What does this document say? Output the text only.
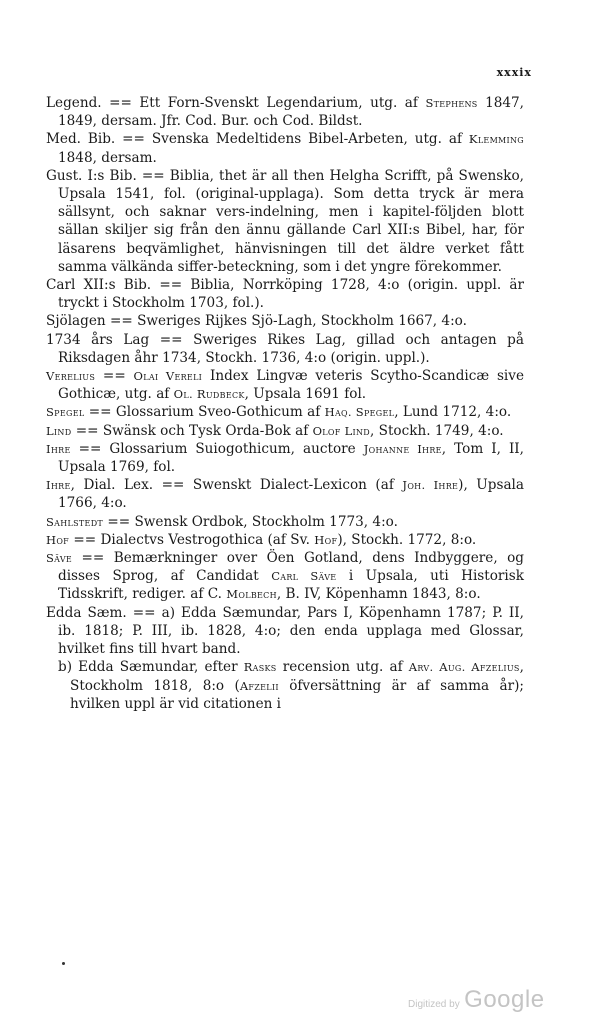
xxxix
Legend. == Ett Forn-Svenskt Legendarium, utg. af Stephens 1847, 1849, dersam. Jfr. Cod. Bur. och Cod. Bildst.
Med. Bib. == Svenska Medeltidens Bibel-Arbeten, utg. af Klemming 1848, dersam.
Gust. I:s Bib. == Biblia, thet är all then Helgha Scrifft, på Swensko, Upsala 1541, fol. (original-upplaga). Som detta tryck är mera sällsynt, och saknar vers-indelning, men i kapitel-följden blott sällan skiljer sig från den ännu gällande Carl XII:s Bibel, har, för läsarens beqvämlighet, hänvisningen till det äldre verket fått samma välkända siffer-beteckning, som i det yngre förekommer.
Carl XII:s Bib. == Biblia, Norrköping 1728, 4:o (origin. uppl. är tryckt i Stockholm 1703, fol.).
Sjölagen == Sweriges Rijkes Sjö-Lagh, Stockholm 1667, 4:o.
1734 års Lag == Sweriges Rikes Lag, gillad och antagen på Riksdagen åhr 1734, Stockh. 1736, 4:o (origin. uppl.).
Verelius == Olai Vereli Index Lingvæ veteris Scytho-Scandicæ sive Gothicæ, utg. af Ol. Rudbeck, Upsala 1691 fol.
Spegel == Glossarium Sveo-Gothicum af Haq. Spegel, Lund 1712, 4:o.
Lind == Swänsk och Tysk Orda-Bok af Olof Lind, Stockh. 1749, 4:o.
Ihre == Glossarium Suiogothicum, auctore Johanne Ihre, Tom I, II, Upsala 1769, fol.
Ihre, Dial. Lex. == Swenskt Dialect-Lexicon (af Joh. Ihre), Upsala 1766, 4:o.
Sahlstedt == Swensk Ordbok, Stockholm 1773, 4:o.
Hof == Dialectvs Vestrogothica (af Sv. Hof), Stockh. 1772, 8:o.
Säve == Bemærkninger over Öen Gotland, dens Indbyggere, og disses Sprog, af Candidat Carl Säve i Upsala, uti Historisk Tidsskrift, rediger. af C. Molbech, B. IV, Köpenhamn 1843, 8:o.
Edda Sæm. == a) Edda Sæmundar, Pars I, Köpenhamn 1787; P. II, ib. 1818; P. III, ib. 1828, 4:o; den enda upplaga med Glossar, hvilket fins till hvart band.
b) Edda Sæmundar, efter Rasks recension utg. af Arv. Aug. Afzelius, Stockholm 1818, 8:o (Afzelii öfversättning är af samma år); hvilken uppl är vid citationen i
Digitized by Google
